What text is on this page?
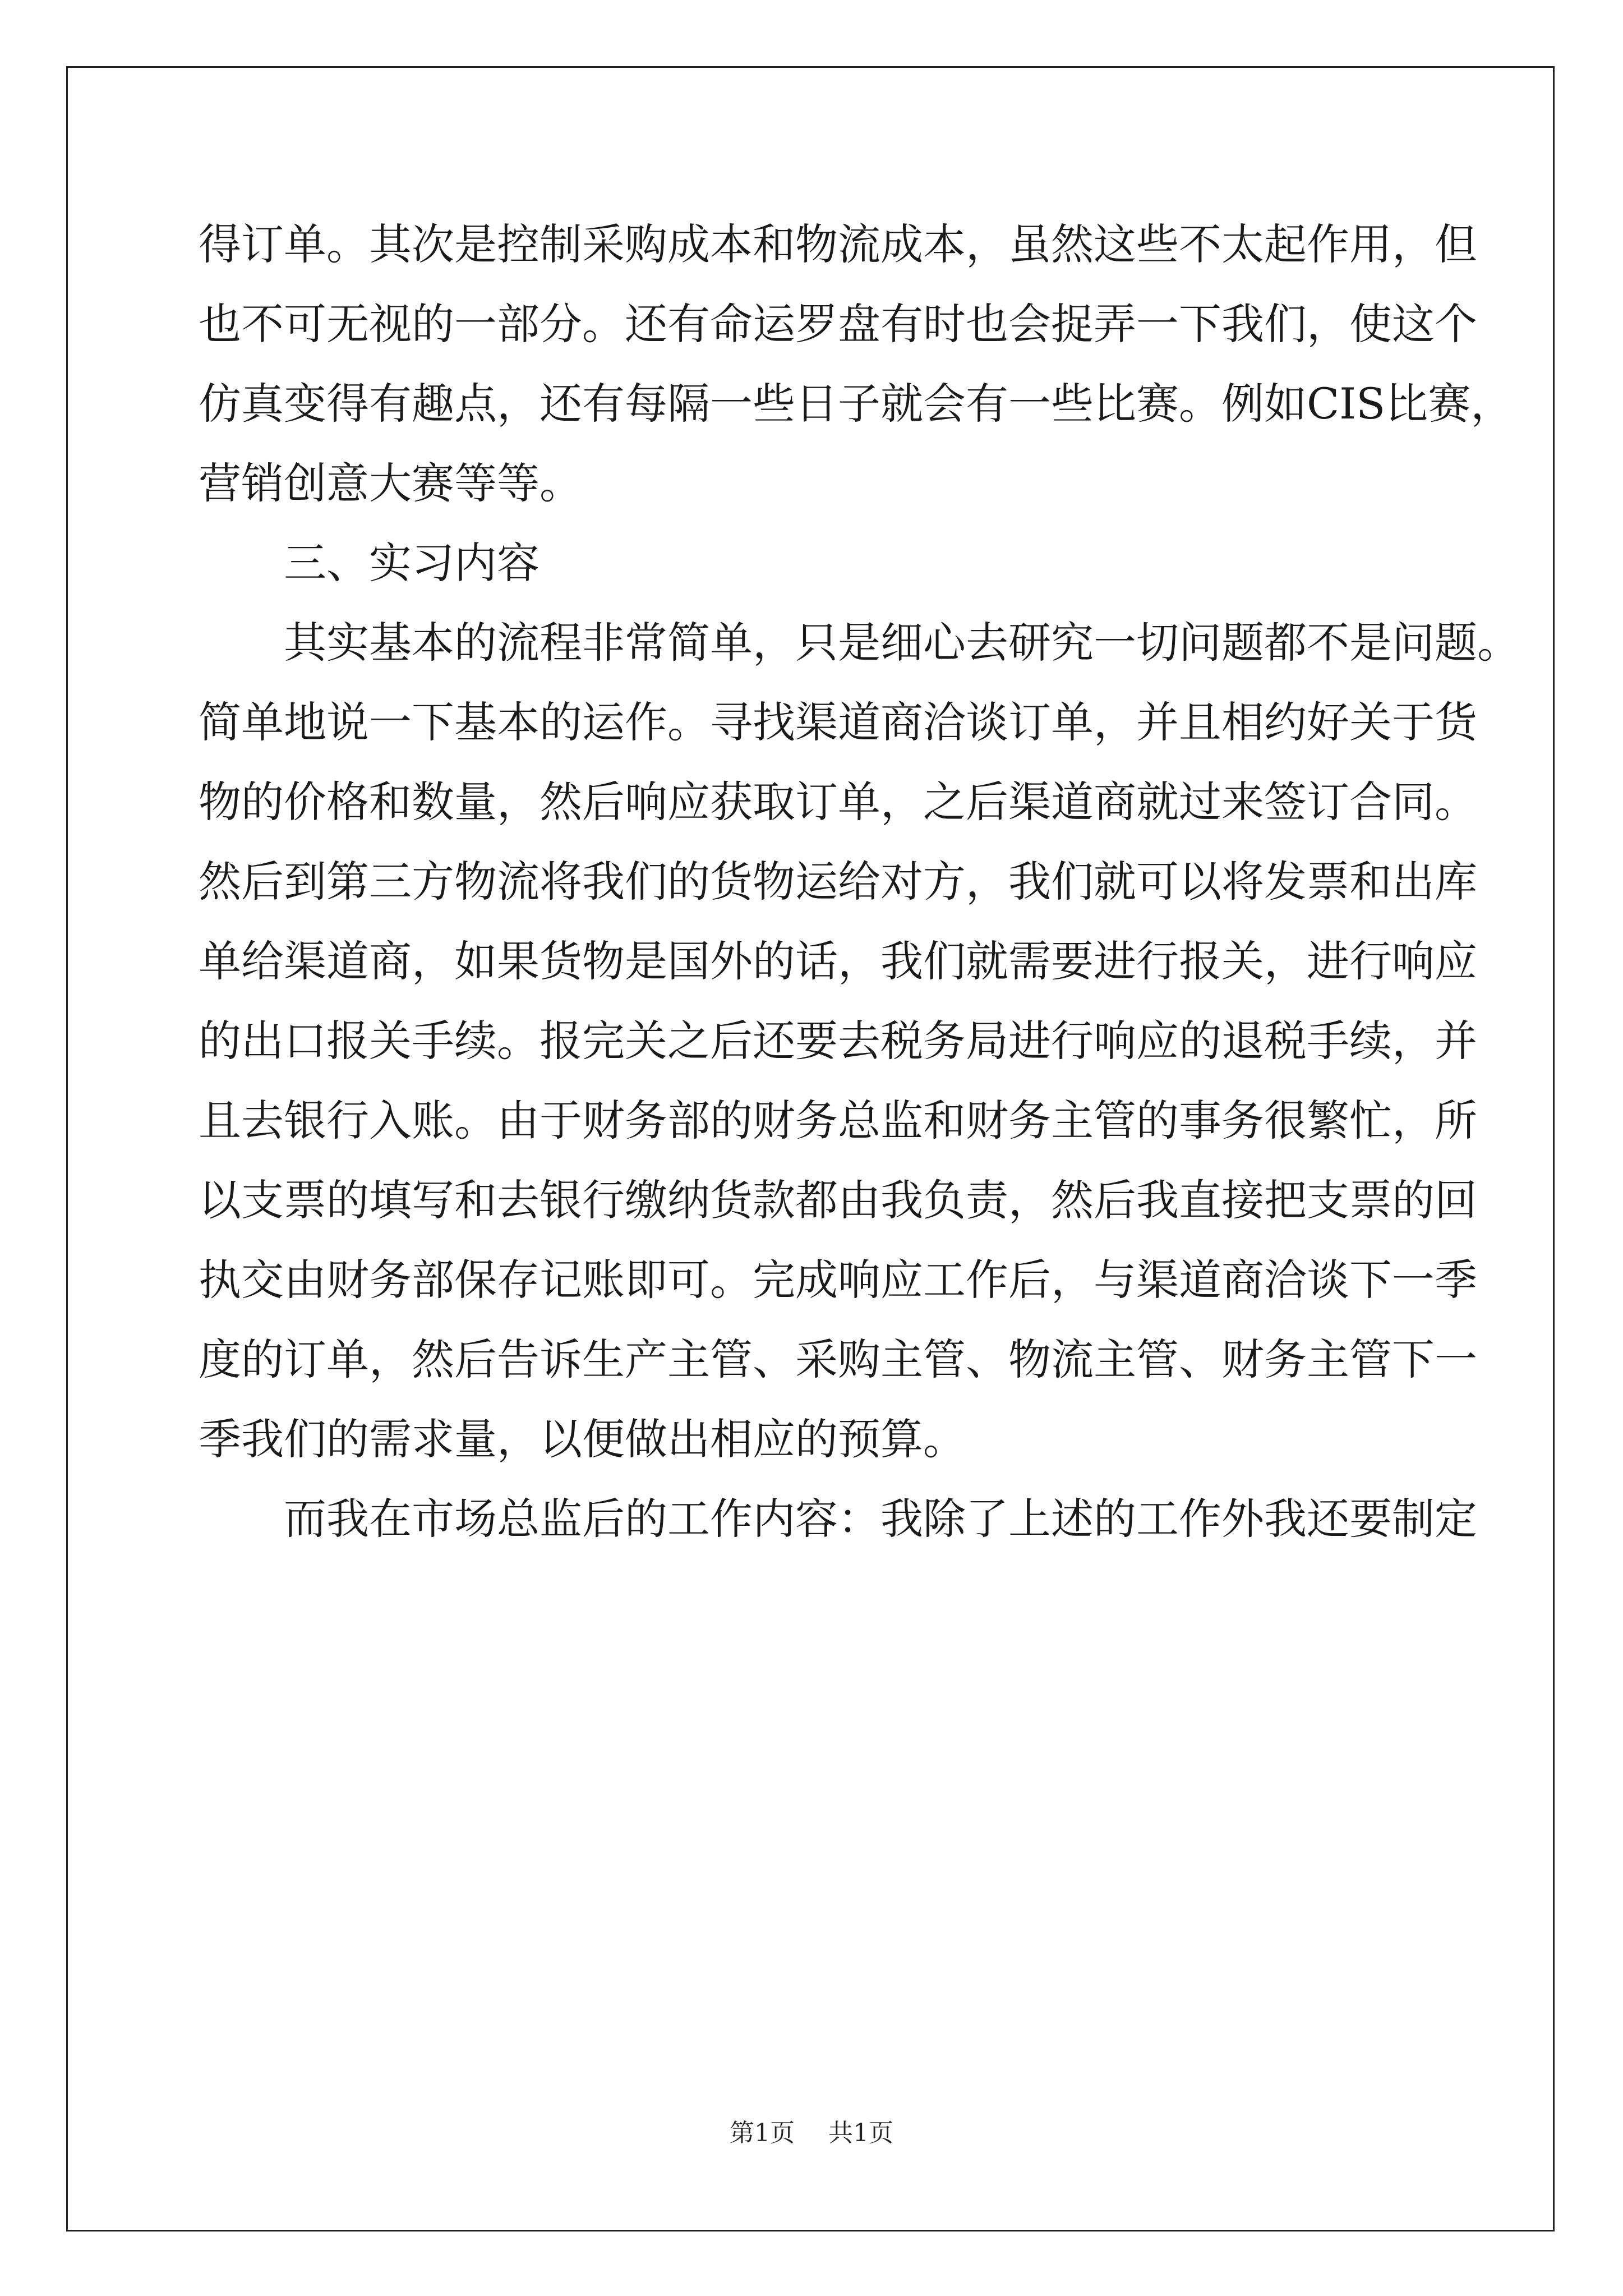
得订单。其次是控制采购成本和物流成本，虽然这些不太起作用，但
也不可无视的一部分。还有命运罗盘有时也会捉弄一下我们，使这个
仿真变得有趣点，还有每隔一些日子就会有一些比赛。例如CIS比赛，
营销创意大赛等等。
三、实习内容
其实基本的流程非常简单，只是细心去研究一切问题都不是问题。
简单地说一下基本的运作。寻找渠道商洽谈订单，并且相约好关于货
物的价格和数量，然后响应获取订单，之后渠道商就过来签订合同。
然后到第三方物流将我们的货物运给对方，我们就可以将发票和出库
单给渠道商，如果货物是国外的话，我们就需要进行报关，进行响应
的出口报关手续。报完关之后还要去税务局进行响应的退税手续，并
且去银行入账。由于财务部的财务总监和财务主管的事务很繁忙，所
以支票的填写和去银行缴纳货款都由我负责，然后我直接把支票的回
执交由财务部保存记账即可。完成响应工作后，与渠道商洽谈下一季
度的订单，然后告诉生产主管、采购主管、物流主管、财务主管下一
季我们的需求量，以便做出相应的预算。
而我在市场总监后的工作内容：我除了上述的工作外我还要制定
第1页 共1页
